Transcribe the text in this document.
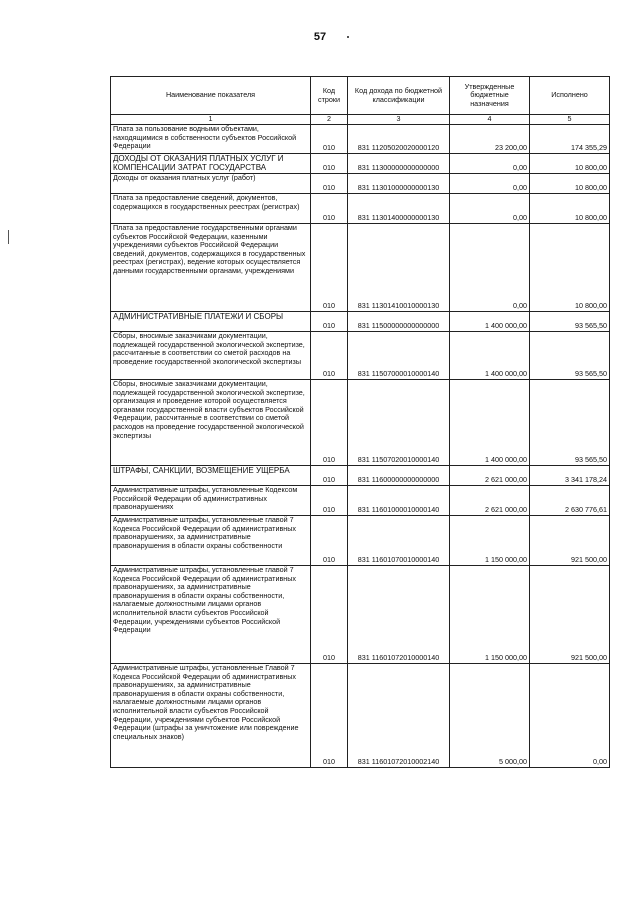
57
Наименование показателя	Код строки	Код дохода по бюджетной классификации	Утвержденные бюджетные назначения	Исполнено
1	2	3	4	5
Плата за пользование водными объектами, находящимися в собственности субъектов Российской Федерации	010	831 11205020020000120	23 200,00	174 355,29
ДОХОДЫ ОТ ОКАЗАНИЯ ПЛАТНЫХ УСЛУГ И КОМПЕНСАЦИИ ЗАТРАТ ГОСУДАРСТВА	010	831 11300000000000000	0,00	10 800,00
Доходы от оказания платных услуг (работ)	010	831 11301000000000130	0,00	10 800,00
Плата за предоставление сведений, документов, содержащихся в государственных реестрах (регистрах)	010	831 11301400000000130	0,00	10 800,00
Плата за предоставление государственными органами субъектов Российской Федерации, казенными учреждениями субъектов Российской Федерации сведений, документов, содержащихся в государственных реестрах (регистрах), ведение которых осуществляется данными государственными органами, учреждениями	010	831 11301410010000130	0,00	10 800,00
АДМИНИСТРАТИВНЫЕ ПЛАТЕЖИ И СБОРЫ	010	831 11500000000000000	1 400 000,00	93 565,50
Сборы, вносимые заказчиками документации, подлежащей государственной экологической экспертизе, рассчитанные в соответствии со сметой расходов на проведение государственной экологической экспертизы	010	831 11507000010000140	1 400 000,00	93 565,50
Сборы, вносимые заказчиками документации, подлежащей государственной экологической экспертизе, организация и проведение которой осуществляется органами государственной власти субъектов Российской Федерации, рассчитанные в соответствии со сметой расходов на проведение государственной экологической экспертизы	010	831 11507020010000140	1 400 000,00	93 565,50
ШТРАФЫ, САНКЦИИ, ВОЗМЕЩЕНИЕ УЩЕРБА	010	831 11600000000000000	2 621 000,00	3 341 178,24
Административные штрафы, установленные Кодексом Российской Федерации об административных правонарушениях	010	831 11601000010000140	2 621 000,00	2 630 776,61
Административные штрафы, установленные главой 7 Кодекса Российской Федерации об административных правонарушениях, за административные правонарушения в области охраны собственности	010	831 11601070010000140	1 150 000,00	921 500,00
Административные штрафы, установленные главой 7 Кодекса Российской Федерации об административных правонарушениях, за административные правонарушения в области охраны собственности, налагаемые должностными лицами органов исполнительной власти субъектов Российской Федерации, учреждениями субъектов Российской Федерации	010	831 11601072010000140	1 150 000,00	921 500,00
Административные штрафы, установленные Главой 7 Кодекса Российской Федерации об административных правонарушениях, за административные правонарушения в области охраны собственности, налагаемые должностными лицами органов исполнительной власти субъектов Российской Федерации, учреждениями субъектов Российской Федерации (штрафы за уничтожение или повреждение специальных знаков)	010	831 11601072010002140	5 000,00	0,00
